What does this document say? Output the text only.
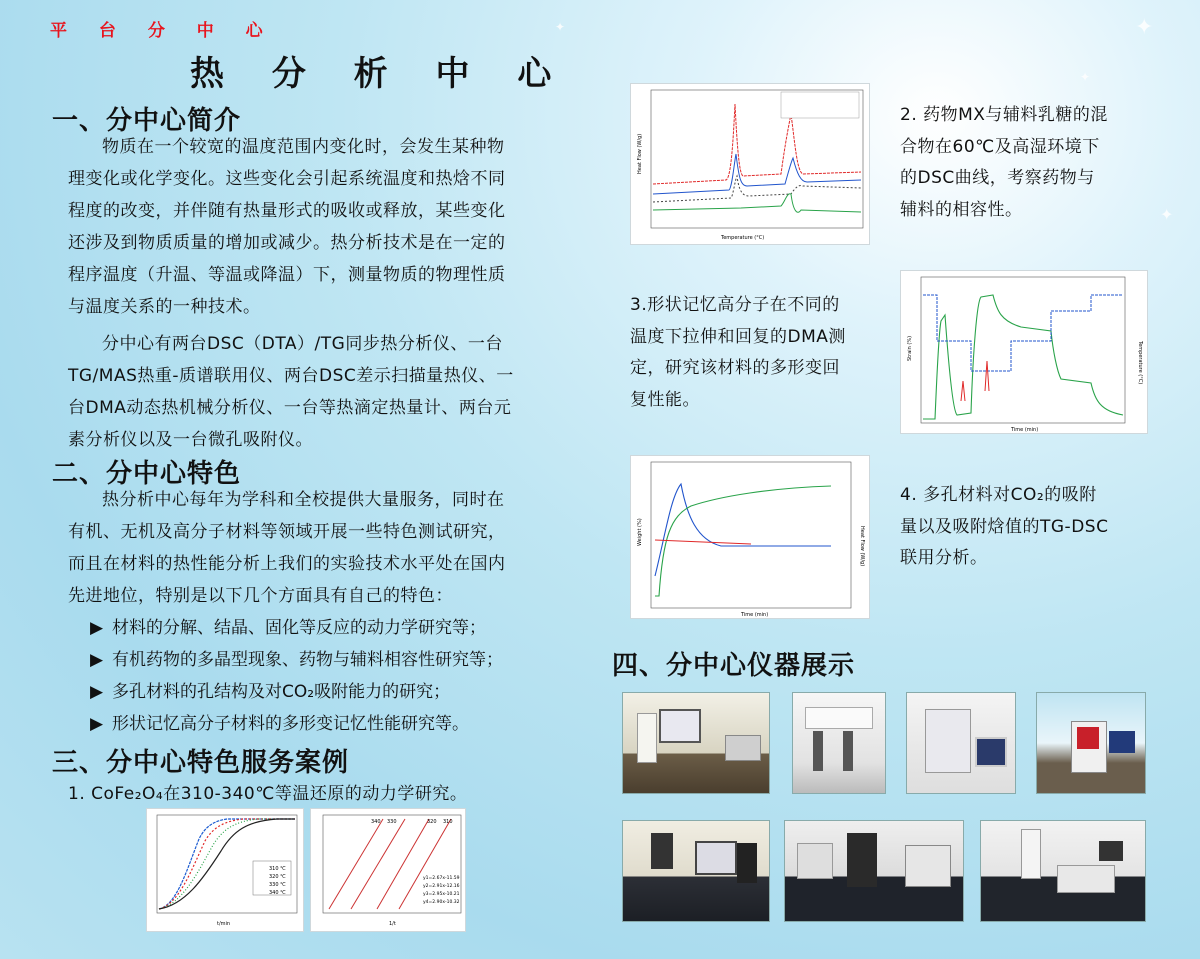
✦
✦
✦
✦
平 台 分 中 心
热 分 析 中 心
一、分中心简介
物质在一个较宽的温度范围内变化时，会发生某种物
理变化或化学变化。这些变化会引起系统温度和热焓不同
程度的改变，并伴随有热量形式的吸收或释放，某些变化
还涉及到物质质量的增加或减少。热分析技术是在一定的
程序温度（升温、等温或降温）下，测量物质的物理性质
与温度关系的一种技术。
分中心有两台DSC（DTA）/TG同步热分析仪、一台
TG/MAS热重-质谱联用仪、两台DSC差示扫描量热仪、一
台DMA动态热机械分析仪、一台等热滴定热量计、两台元
素分析仪以及一台微孔吸附仪。
二、分中心特色
热分析中心每年为学科和全校提供大量服务，同时在
有机、无机及高分子材料等领域开展一些特色测试研究，
而且在材料的热性能分析上我们的实验技术水平处在国内
先进地位，特别是以下几个方面具有自己的特色：
▶ 材料的分解、结晶、固化等反应的动力学研究等；
▶ 有机药物的多晶型现象、药物与辅料相容性研究等；
▶ 多孔材料的孔结构及对CO₂吸附能力的研究；
▶ 形状记忆高分子材料的多形变记忆性能研究等。
三、分中心特色服务案例
1. CoFe₂O₄在310-340℃等温还原的动力学研究。
310 ℃
320 ℃
330 ℃
340 ℃
t/min
340 330	320 310
y1=2.67x-11.59
y2=2.91x-12.16
y3=2.95x-10.21
y4=2.90x-10.32
1/t
Temperature (°C)
Heat Flow (W/g)
2. 药物MX与辅料乳糖的混
合物在60℃及高湿环境下
的DSC曲线，考察药物与
辅料的相容性。
Time (min)
Strain (%)	Temperature (°C)
3.形状记忆高分子在不同的
温度下拉伸和回复的DMA测
定，研究该材料的多形变回
复性能。
Time (min)
Weight (%)	Heat Flow (W/g)
4. 多孔材料对CO₂的吸附
量以及吸附焓值的TG-DSC
联用分析。
四、分中心仪器展示
